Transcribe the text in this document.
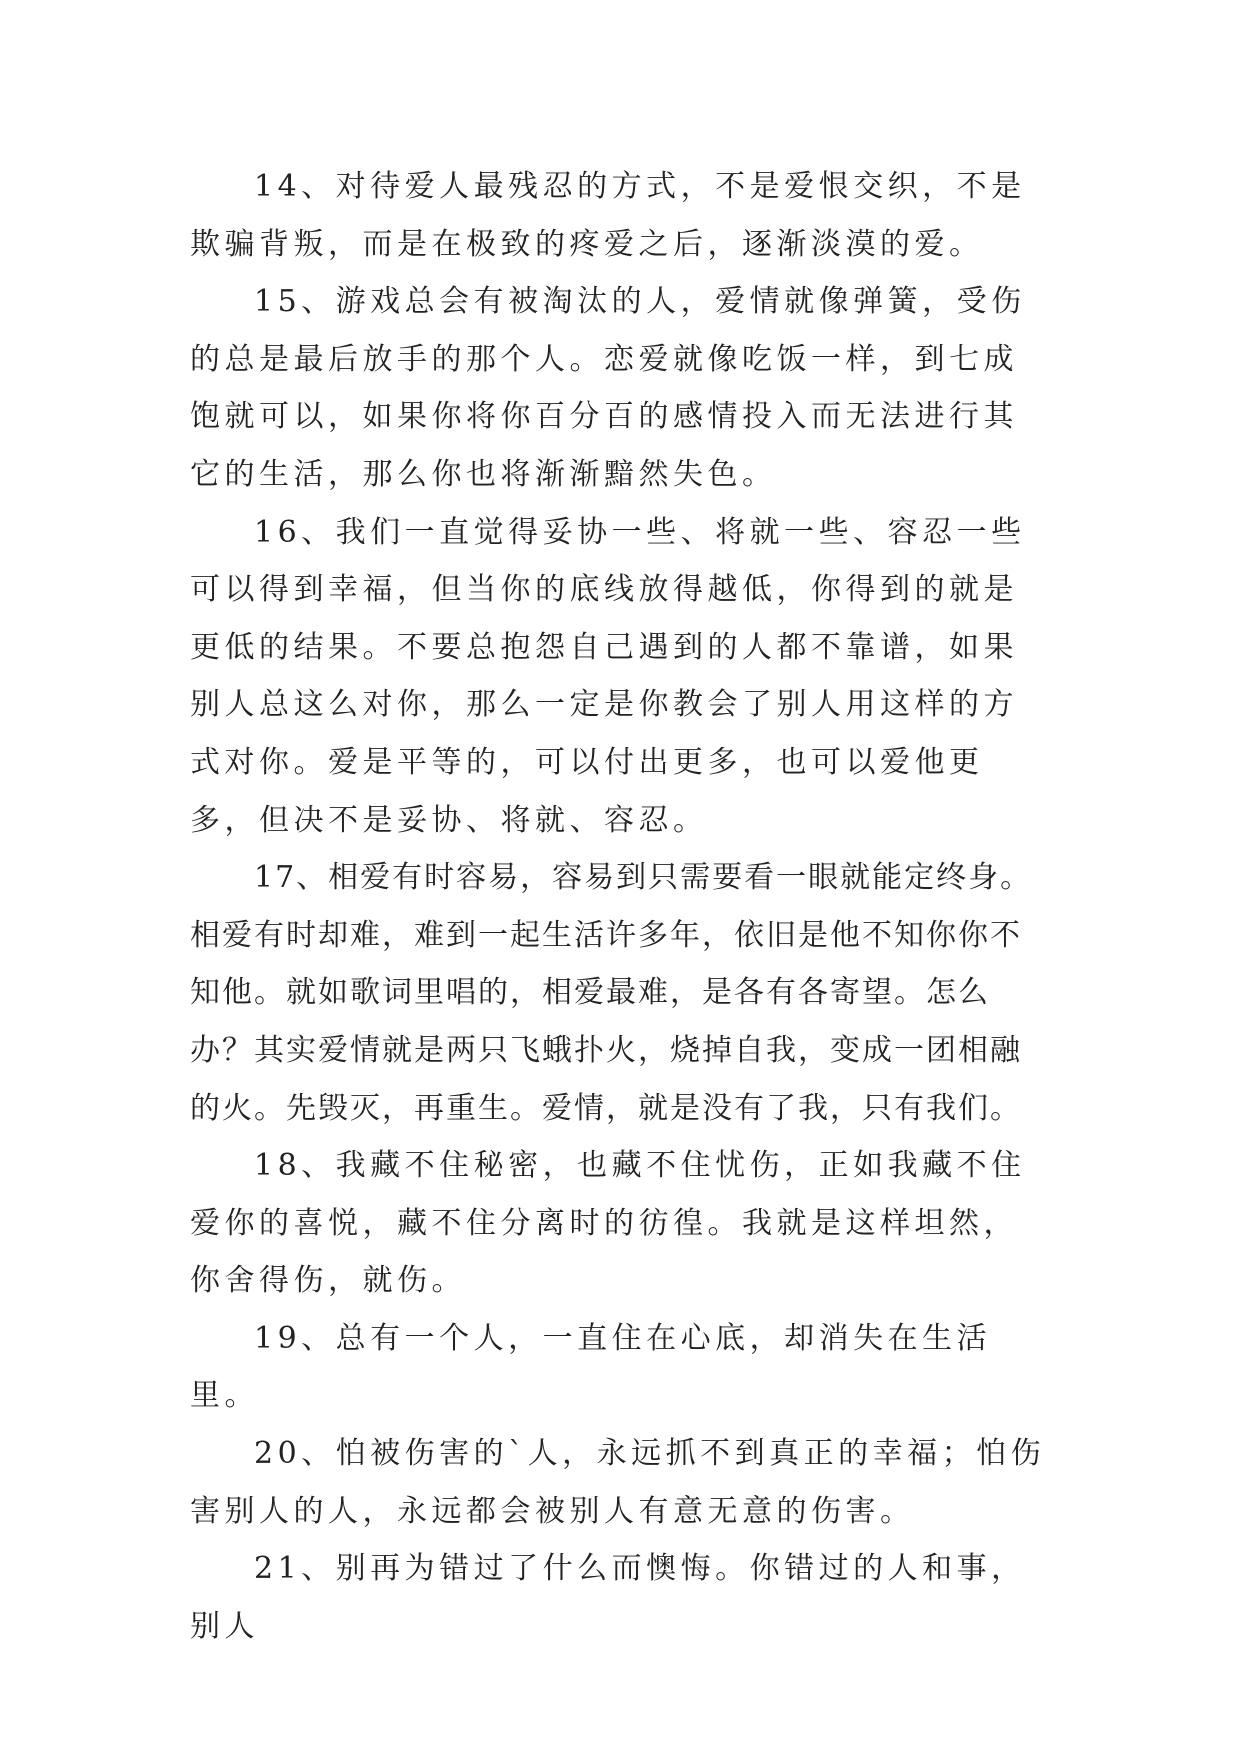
14、对待爱人最残忍的方式，不是爱恨交织，不是欺骗背叛，而是在极致的疼爱之后，逐渐淡漠的爱。

15、游戏总会有被淘汰的人，爱情就像弹簧，受伤的总是最后放手的那个人。恋爱就像吃饭一样，到七成饱就可以，如果你将你百分百的感情投入而无法进行其它的生活，那么你也将渐渐黯然失色。

16、我们一直觉得妥协一些、将就一些、容忍一些可以得到幸福，但当你的底线放得越低，你得到的就是更低的结果。不要总抱怨自己遇到的人都不靠谱，如果别人总这么对你，那么一定是你教会了别人用这样的方式对你。爱是平等的，可以付出更多，也可以爱他更多，但决不是妥协、将就、容忍。

17、相爱有时容易，容易到只需要看一眼就能定终身。相爱有时却难，难到一起生活许多年，依旧是他不知你你不知他。就如歌词里唱的，相爱最难，是各有各寄望。怎么办？其实爱情就是两只飞蛾扑火，烧掉自我，变成一团相融的火。先毁灭，再重生。爱情，就是没有了我，只有我们。

18、我藏不住秘密，也藏不住忧伤，正如我藏不住爱你的喜悦，藏不住分离时的彷徨。我就是这样坦然，你舍得伤，就伤。

19、总有一个人，一直住在心底，却消失在生活里。

20、怕被伤害的`人，永远抓不到真正的幸福；怕伤害别人的人，永远都会被别人有意无意的伤害。

21、别再为错过了什么而懊悔。你错过的人和事，别人
